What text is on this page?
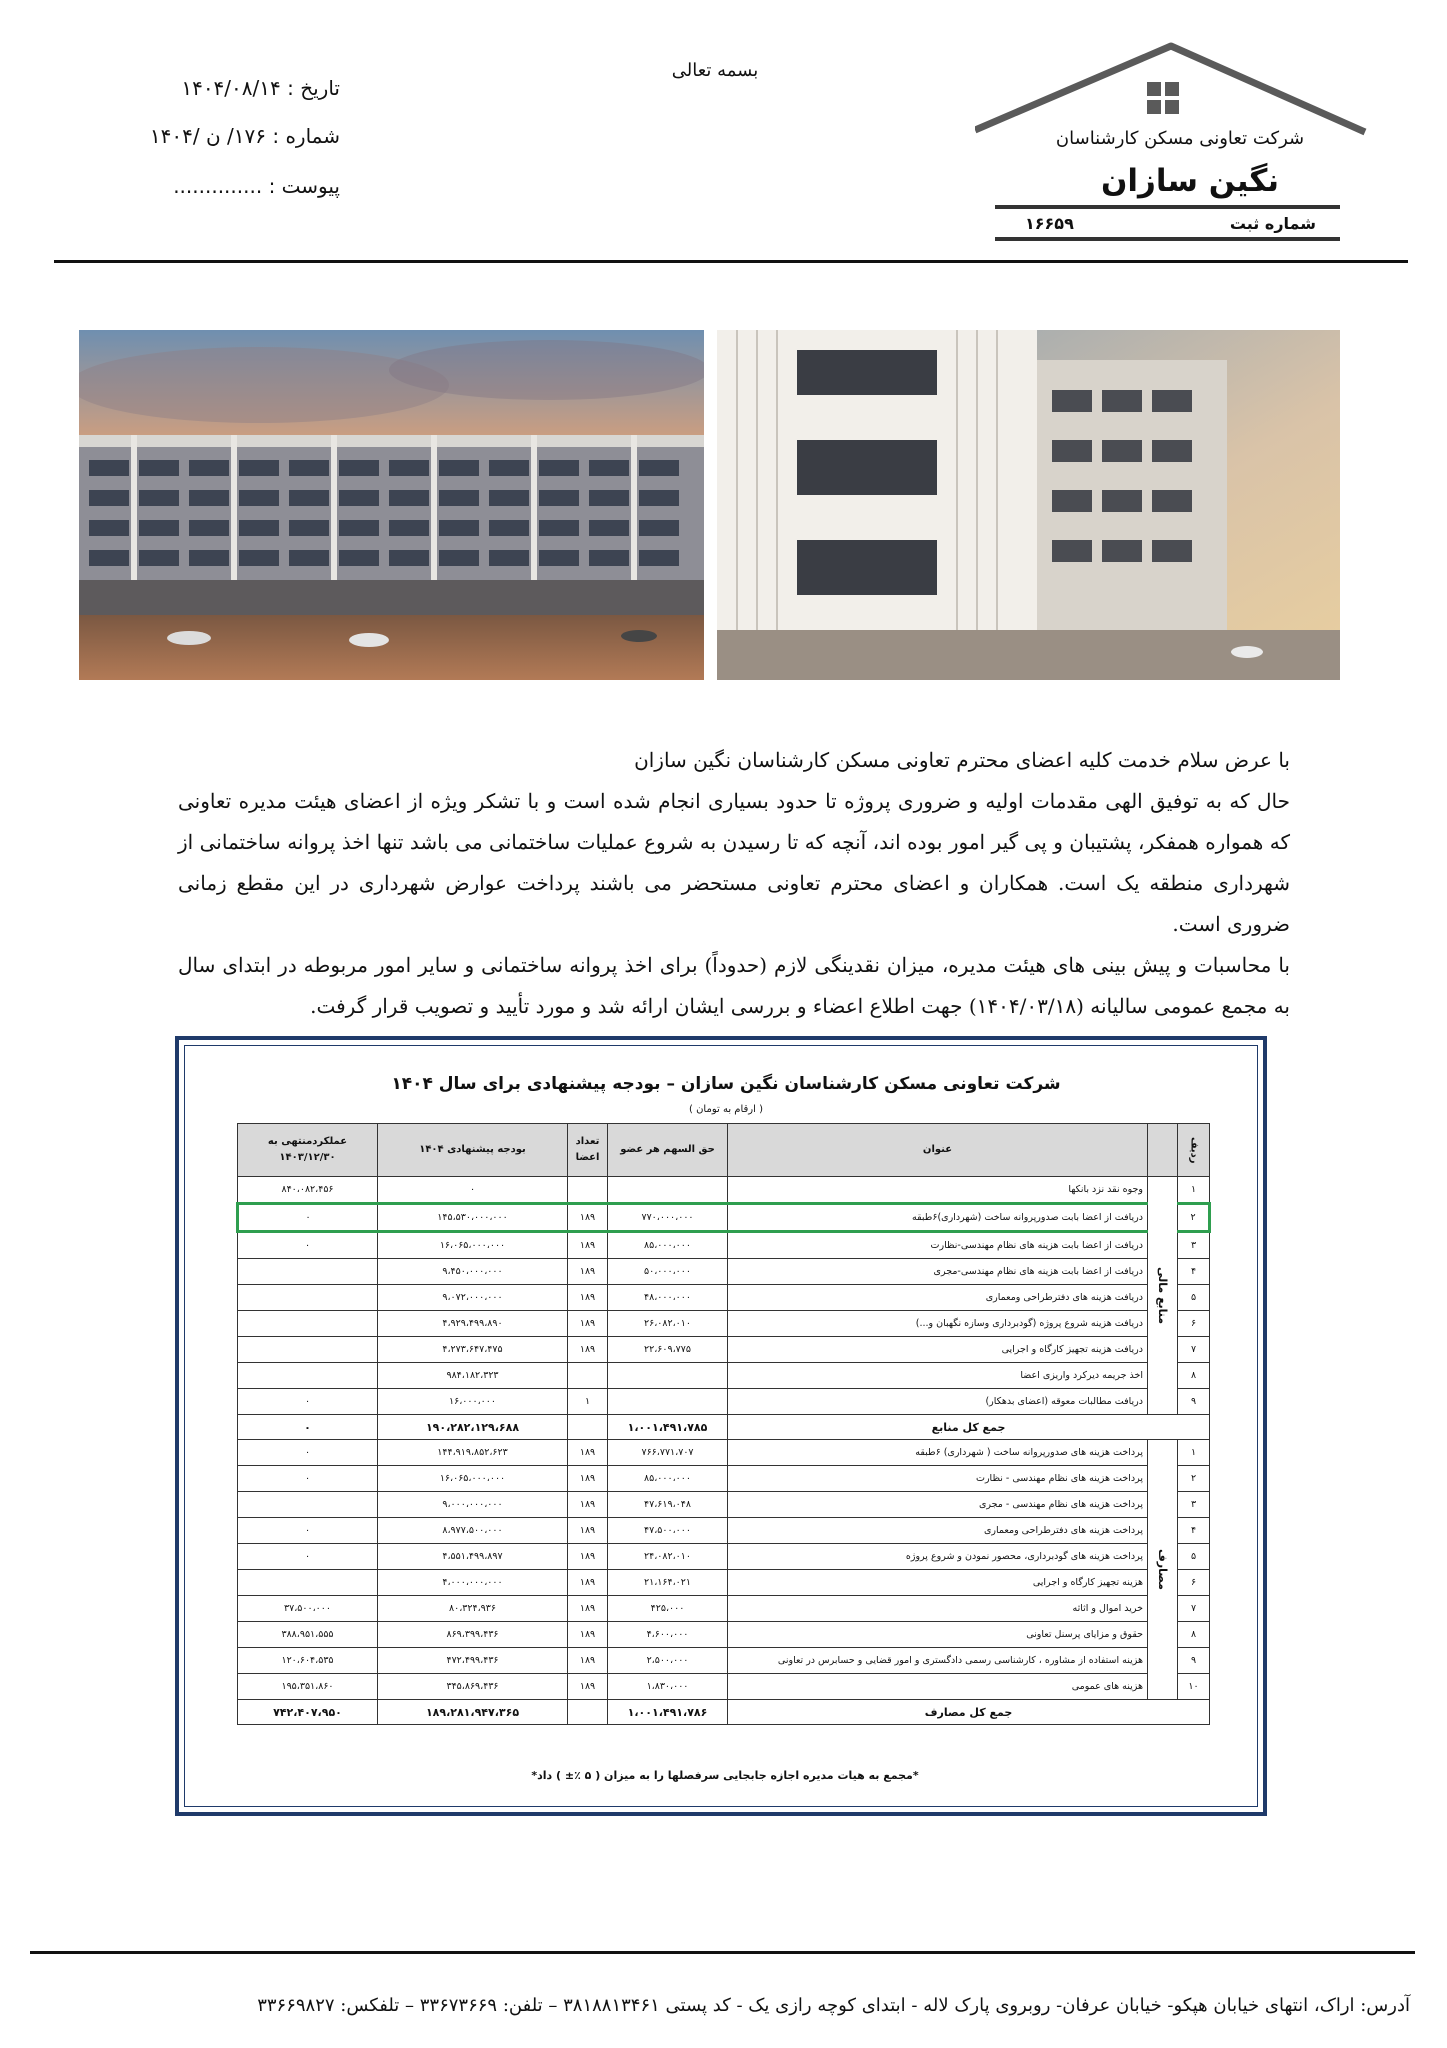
تاریخ : ۱۴۰۴/۰۸/۱۴
شماره : ۱۷۶/ ن /۱۴۰۴
پیوست : ..............
بسمه تعالی
شرکت تعاونی مسکن کارشناسان
نگین سازان
شماره ثبت
۱۶۶۵۹

با عرض سلام خدمت کلیه اعضای محترم تعاونی مسکن کارشناسان نگین سازان

حال که به توفیق الهی مقدمات اولیه و ضروری پروژه تا حدود بسیاری انجام شده است و با تشکر ویژه از اعضای هیئت مدیره تعاونی که همواره همفکر، پشتیبان و پی گیر امور بوده اند، آنچه که تا رسیدن به شروع عملیات ساختمانی می باشد تنها اخذ پروانه ساختمانی از شهرداری منطقه یک است. همکاران و اعضای محترم تعاونی مستحضر می باشند پرداخت عوارض شهرداری در این مقطع زمانی ضروری است.

با محاسبات و پیش بینی های هیئت مدیره، میزان نقدینگی لازم (حدوداً) برای اخذ پروانه ساختمانی و سایر امور مربوطه در ابتدای سال به مجمع عمومی سالیانه (۱۴۰۴/۰۳/۱۸) جهت اطلاع اعضاء و بررسی ایشان ارائه شد و مورد تأیید و تصویب قرار گرفت.

شرکت تعاونی مسکن کارشناسان نگین سازان – بودجه پیشنهادی برای سال ۱۴۰۴
( ارقام به تومان )
ردیف		عنوان	حق السهم هر عضو	تعداد اعضا	بودجه پیشنهادی ۱۴۰۴	عملکردمنتهی به ۱۴۰۳/۱۲/۳۰
۱	منابع مالی	وجوه نقد نزد بانکها			۰	۸۴۰،۰۸۲،۴۵۶
۲		دریافت از اعضا بابت صدورپروانه ساخت (شهرداری)۶طبقه	۷۷۰،۰۰۰،۰۰۰	۱۸۹	۱۴۵،۵۳۰،۰۰۰،۰۰۰	۰
۳		دریافت از اعضا بابت هزینه های نظام مهندسی-نظارت	۸۵،۰۰۰،۰۰۰	۱۸۹	۱۶،۰۶۵،۰۰۰،۰۰۰	۰
۴		دریافت از اعضا بابت هزینه های نظام مهندسی-مجری	۵۰،۰۰۰،۰۰۰	۱۸۹	۹،۴۵۰،۰۰۰،۰۰۰	
۵		دریافت هزینه های دفترطراحی ومعماری	۴۸،۰۰۰،۰۰۰	۱۸۹	۹،۰۷۲،۰۰۰،۰۰۰	
۶		دریافت هزینه شروع پروژه (گودبرداری وسازه نگهبان و...)	۲۶،۰۸۲،۰۱۰	۱۸۹	۴،۹۲۹،۴۹۹،۸۹۰	
۷		دریافت هزینه تجهیز کارگاه و اجرایی	۲۲،۶۰۹،۷۷۵	۱۸۹	۴،۲۷۳،۶۴۷،۴۷۵	
۸		اخذ جریمه دیرکرد واریزی اعضا			۹۸۴،۱۸۲،۳۲۳	
۹		دریافت مطالبات معوقه (اعضای بدهکار)		۱	۱۶،۰۰۰،۰۰۰	۰
جمع کل منابع			۱،۰۰۱،۴۹۱،۷۸۵		۱۹۰،۲۸۲،۱۲۹،۶۸۸	۰
۱	مصارف	پرداخت هزینه های صدورپروانه ساخت ( شهرداری) ۶طبقه	۷۶۶،۷۷۱،۷۰۷	۱۸۹	۱۴۴،۹۱۹،۸۵۲،۶۲۳	۰
۲		پرداخت هزینه های نظام مهندسی - نظارت	۸۵،۰۰۰،۰۰۰	۱۸۹	۱۶،۰۶۵،۰۰۰،۰۰۰	۰
۳		پرداخت هزینه های نظام مهندسی - مجری	۴۷،۶۱۹،۰۴۸	۱۸۹	۹،۰۰۰،۰۰۰،۰۰۰	
۴		پرداخت هزینه های دفترطراحی ومعماری	۴۷،۵۰۰،۰۰۰	۱۸۹	۸،۹۷۷،۵۰۰،۰۰۰	۰
۵		پرداخت هزینه های گودبرداری، محصور نمودن و شروع پروژه	۲۴،۰۸۲،۰۱۰	۱۸۹	۴،۵۵۱،۴۹۹،۸۹۷	۰
۶		هزینه تجهیز کارگاه و اجرایی	۲۱،۱۶۴،۰۲۱	۱۸۹	۴،۰۰۰،۰۰۰،۰۰۰	
۷		خرید اموال و اثاثه	۴۲۵،۰۰۰	۱۸۹	۸۰،۳۲۴،۹۳۶	۳۷،۵۰۰،۰۰۰
۸		حقوق و مزایای پرسنل تعاونی	۴،۶۰۰،۰۰۰	۱۸۹	۸۶۹،۳۹۹،۴۳۶	۳۸۸،۹۵۱،۵۵۵
۹		هزینه استفاده از مشاوره ، کارشناسی رسمی دادگستری و امور قضایی و حسابرس در تعاونی	۲،۵۰۰،۰۰۰	۱۸۹	۴۷۲،۴۹۹،۴۳۶	۱۲۰،۶۰۴،۵۳۵
۱۰		هزینه های عمومی	۱،۸۳۰،۰۰۰	۱۸۹	۳۴۵،۸۶۹،۴۳۶	۱۹۵،۳۵۱،۸۶۰
جمع کل مصارف			۱،۰۰۱،۴۹۱،۷۸۶		۱۸۹،۲۸۱،۹۴۷،۳۶۵	۷۴۲،۴۰۷،۹۵۰
*مجمع به هیات مدیره اجازه جابجایی سرفصلها را به میزان ( ۵ ٪± ) داد*
آدرس: اراک، انتهای خیابان هپکو- خیابان عرفان- روبروی پارک لاله - ابتدای کوچه رازی یک - کد پستی ۳۸۱۸۸۱۳۴۶۱ – تلفن: ۳۳۶۷۳۶۶۹ – تلفکس: ۳۳۶۶۹۸۲۷
